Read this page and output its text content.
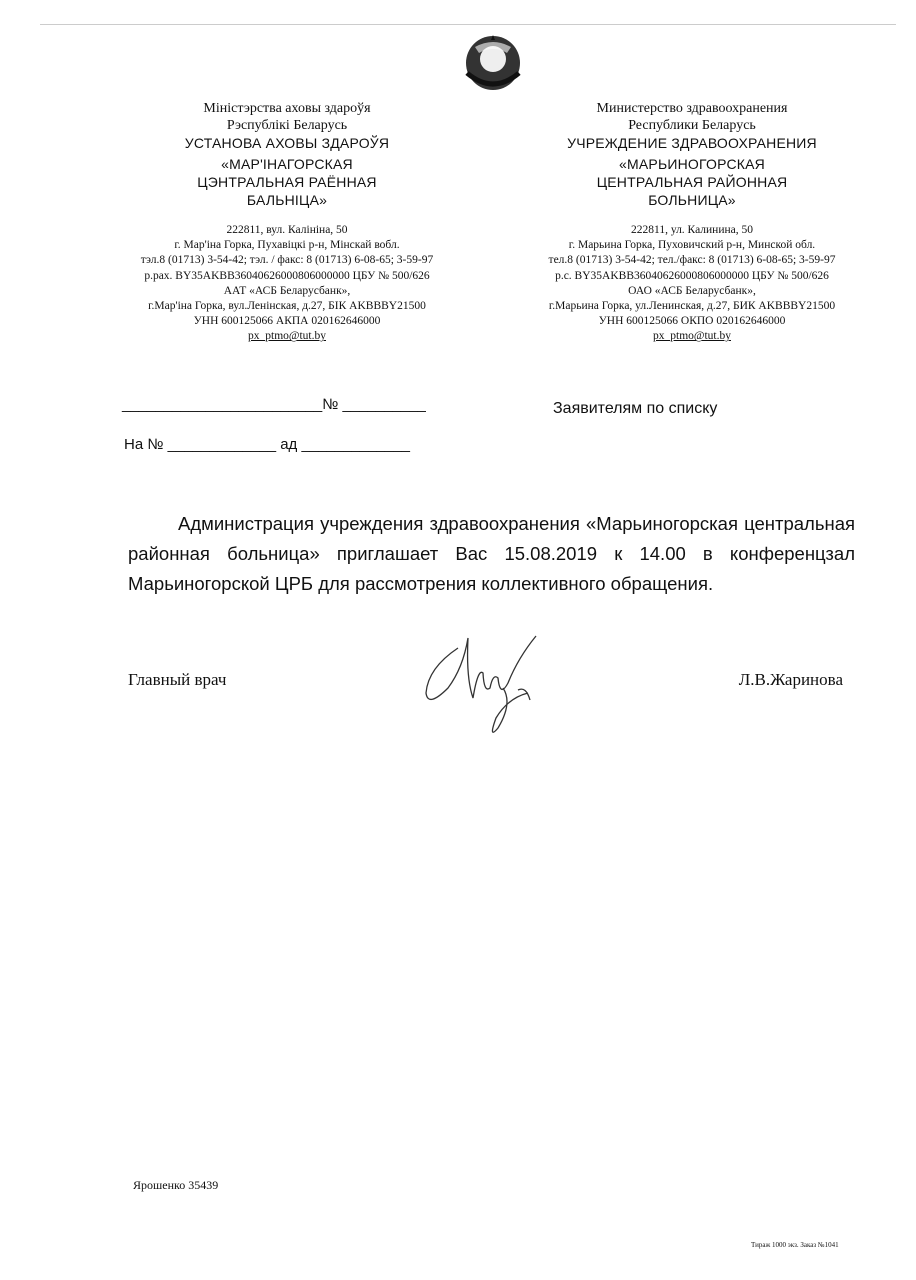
Міністэрства аховы здароўя
Рэспублікі Беларусь
УСТАНОВА АХОВЫ ЗДАРОЎЯ
«МАР'ІНАГОРСКАЯ
ЦЭНТРАЛЬНАЯ РАЁННАЯ
БАЛЬНІЦА»
222811, вул. Калініна, 50
г. Мар'іна Горка, Пухавіцкі р-н, Мінскай вобл.
тэл.8 (01713) 3-54-42; тэл. / факс: 8 (01713) 6-08-65; 3-59-97
р.рах. BY35AKBB36040626000806000000 ЦБУ № 500/626
ААТ «АСБ Беларусбанк»,
г.Мар'іна Горка, вул.Ленінская, д.27, БІК AKBBBY21500
УНН 600125066 АКПА 020162646000
px_ptmo@tut.by
Министерство здравоохранения
Республики Беларусь
УЧРЕЖДЕНИЕ ЗДРАВООХРАНЕНИЯ
«МАРЬИНОГОРСКАЯ
ЦЕНТРАЛЬНАЯ РАЙОННАЯ
БОЛЬНИЦА»
222811, ул. Калинина, 50
г. Марьина Горка, Пуховичский р-н, Минской обл.
тел.8 (01713) 3-54-42; тел./факс: 8 (01713) 6-08-65; 3-59-97
р.с. BY35AKBB36040626000806000000 ЦБУ № 500/626
ОАО «АСБ Беларусбанк»,
г.Марьина Горка, ул.Ленинская, д.27, БИК AKBBBY21500
УНН 600125066 ОКПО 020162646000
px_ptmo@tut.by
________________________№ __________
На № _____________ ад _____________
Заявителям по списку
Администрация учреждения здравоохранения «Марьиногорская центральная районная больница» приглашает Вас 15.08.2019 к 14.00 в конференцзал Марьиногорской ЦРБ для рассмотрения коллективного обращения.
Главный врач	Л.В.Жаринова
Ярошенко 35439
Тираж 1000 экз. Заказ №1041
